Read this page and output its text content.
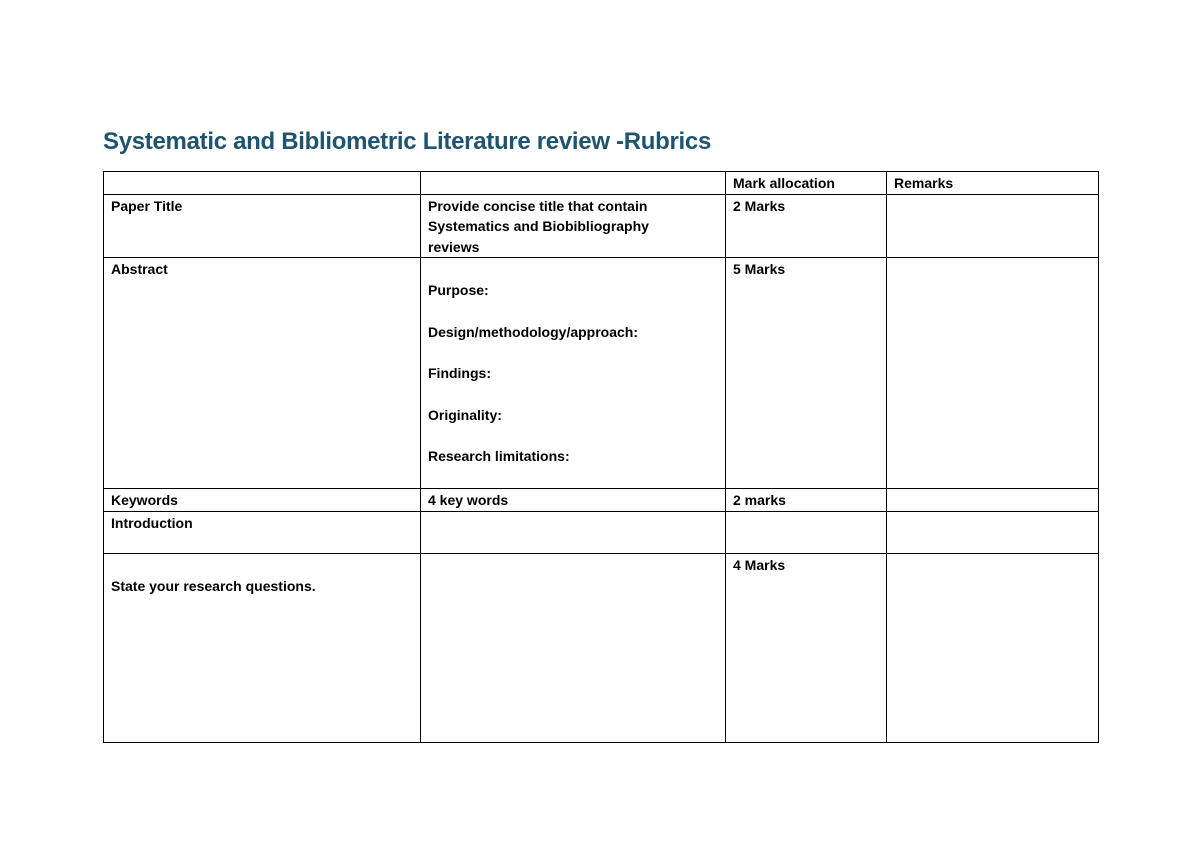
Systematic and Bibliometric Literature review -Rubrics
		Mark allocation	Remarks
Paper Title	Provide concise title that contain
Systematics and Biobibliography
reviews	2 Marks	
Abstract	Purpose:
Design/methodology/approach:
Findings:
Originality:
Research limitations:	5 Marks	
Keywords	4 key words	2 marks	
Introduction			

State your research questions.		4 Marks	
